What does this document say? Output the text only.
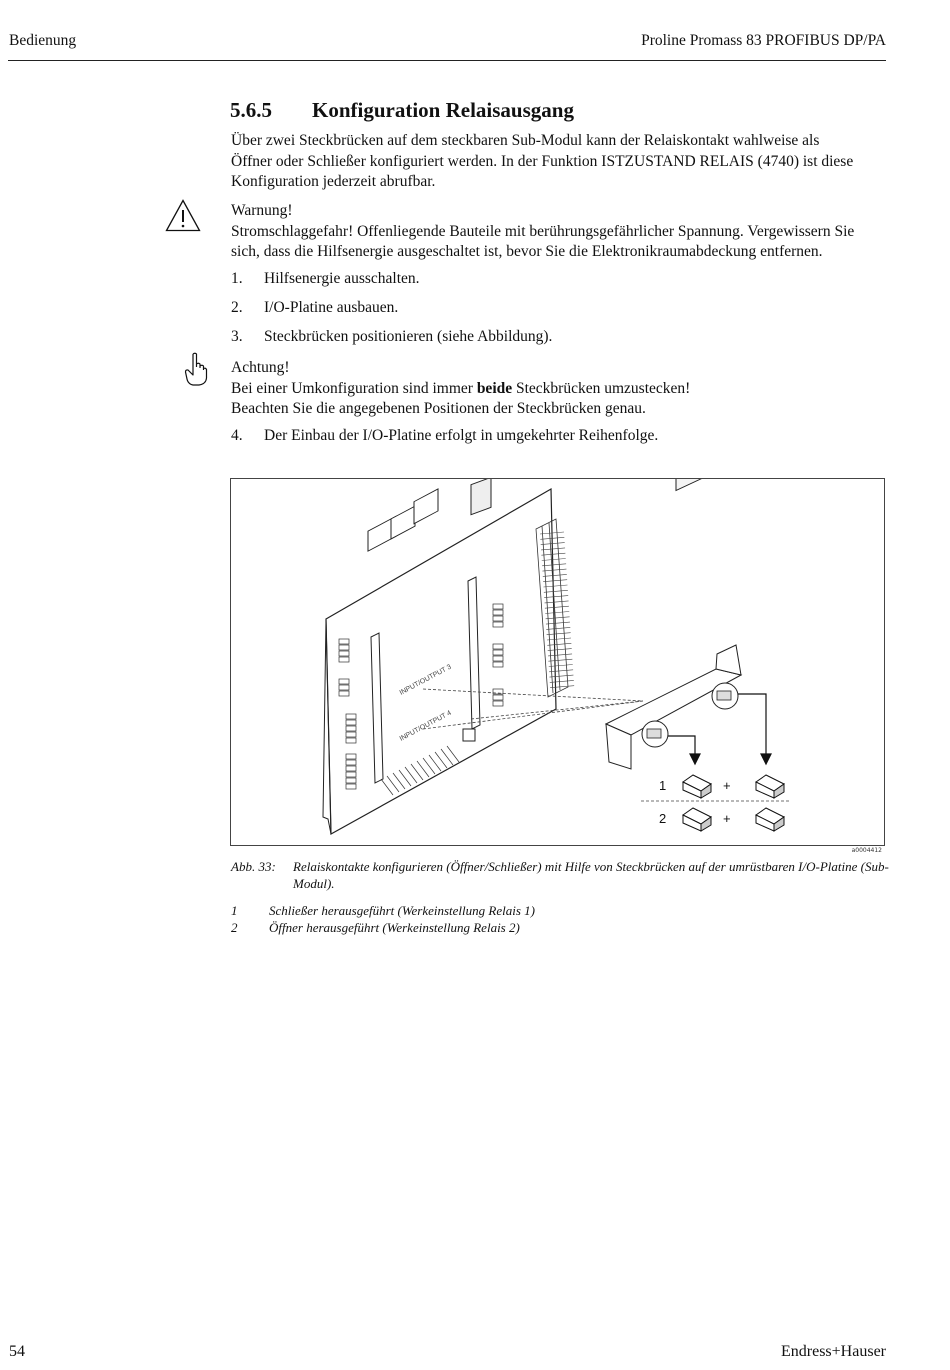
Bedienung	Proline Promass 83 PROFIBUS DP/PA
5.6.5 Konfiguration Relaisausgang
Über zwei Steckbrücken auf dem steckbaren Sub-Modul kann der Relaiskontakt wahlweise als
Öffner oder Schließer konfiguriert werden. In der Funktion ISTZUSTAND RELAIS (4740) ist diese
Konfiguration jederzeit abrufbar.
Warnung!
Stromschlaggefahr! Offenliegende Bauteile mit berührungsgefährlicher Spannung. Vergewissern Sie
sich, dass die Hilfsenergie ausgeschaltet ist, bevor Sie die Elektronikraumabdeckung entfernen.
1. Hilfsenergie ausschalten.
2. I/O-Platine ausbauen.
3. Steckbrücken positionieren (siehe Abbildung).
Achtung!
Bei einer Umkonfiguration sind immer beide Steckbrücken umzustecken!
Beachten Sie die angegebenen Positionen der Steckbrücken genau.
4. Der Einbau der I/O-Platine erfolgt in umgekehrter Reihenfolge.
INPUT/OUTPUT 3
INPUT/OUTPUT 4
1
2
+
+
a0004412
Abb. 33: Relaiskontakte konfigurieren (Öffner/Schließer) mit Hilfe von Steckbrücken auf der umrüstbaren I/O-Platine (Sub-Modul).
1 Schließer herausgeführt (Werkeinstellung Relais 1)
2 Öffner herausgeführt (Werkeinstellung Relais 2)
54	Endress+Hauser
